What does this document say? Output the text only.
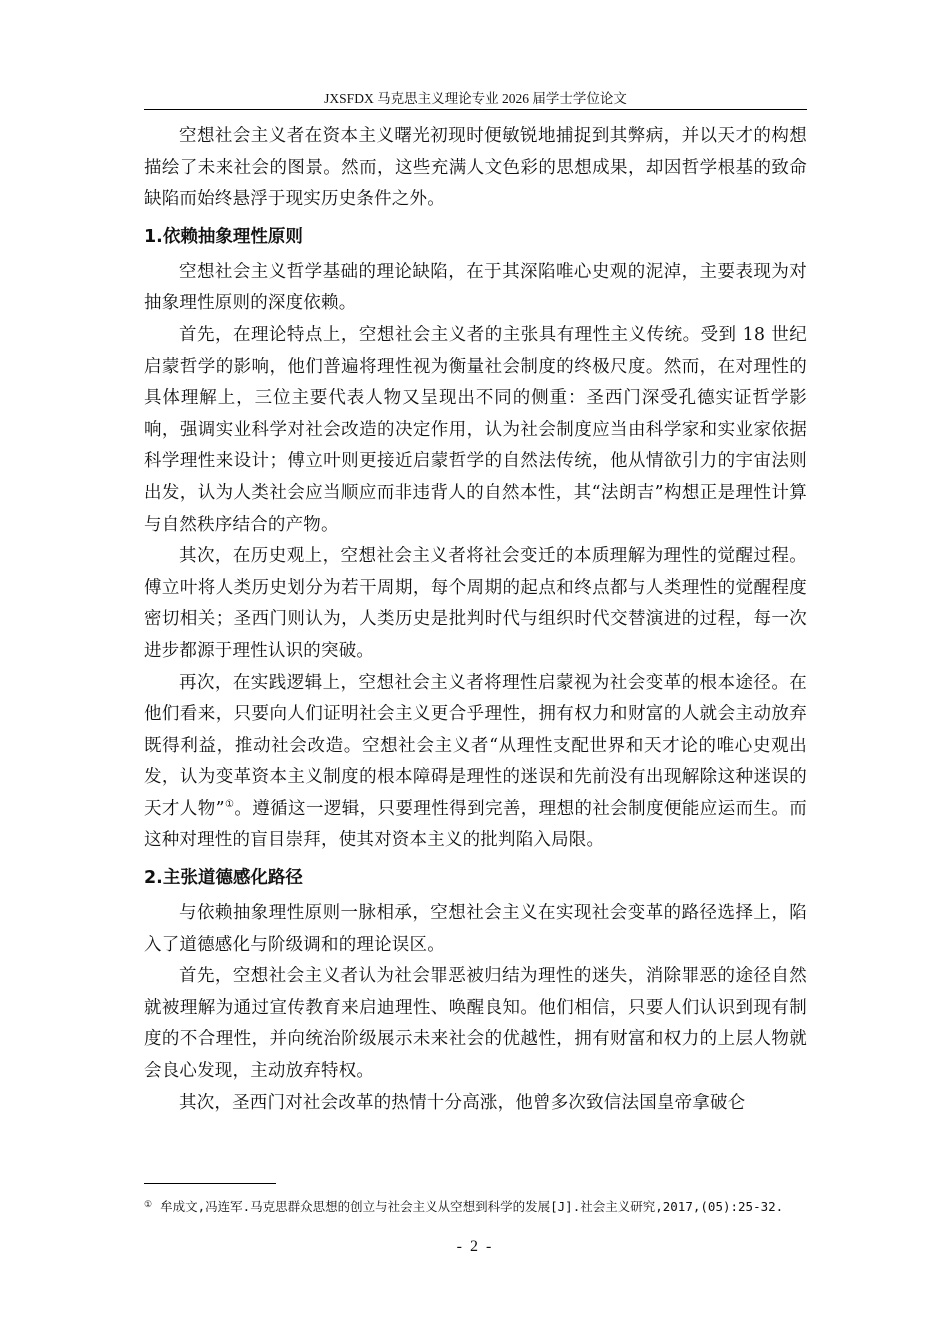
JXSFDX 马克思主义理论专业 2026 届学士学位论文

空想社会主义者在资本主义曙光初现时便敏锐地捕捉到其弊病，并以天才的构想描绘了未来社会的图景。然而，这些充满人文色彩的思想成果，却因哲学根基的致命缺陷而始终悬浮于现实历史条件之外。

1.依赖抽象理性原则

空想社会主义哲学基础的理论缺陷，在于其深陷唯心史观的泥淖，主要表现为对抽象理性原则的深度依赖。

首先，在理论特点上，空想社会主义者的主张具有理性主义传统。受到 18 世纪启蒙哲学的影响，他们普遍将理性视为衡量社会制度的终极尺度。然而，在对理性的具体理解上，三位主要代表人物又呈现出不同的侧重：圣西门深受孔德实证哲学影响，强调实业科学对社会改造的决定作用，认为社会制度应当由科学家和实业家依据科学理性来设计；傅立叶则更接近启蒙哲学的自然法传统，他从情欲引力的宇宙法则出发，认为人类社会应当顺应而非违背人的自然本性，其“法朗吉”构想正是理性计算与自然秩序结合的产物。

其次，在历史观上，空想社会主义者将社会变迁的本质理解为理性的觉醒过程。傅立叶将人类历史划分为若干周期，每个周期的起点和终点都与人类理性的觉醒程度密切相关；圣西门则认为，人类历史是批判时代与组织时代交替演进的过程，每一次进步都源于理性认识的突破。

再次，在实践逻辑上，空想社会主义者将理性启蒙视为社会变革的根本途径。在他们看来，只要向人们证明社会主义更合乎理性，拥有权力和财富的人就会主动放弃既得利益，推动社会改造。空想社会主义者“从理性支配世界和天才论的唯心史观出发，认为变革资本主义制度的根本障碍是理性的迷误和先前没有出现解除这种迷误的天才人物”①。遵循这一逻辑，只要理性得到完善，理想的社会制度便能应运而生。而这种对理性的盲目崇拜，使其对资本主义的批判陷入局限。

2.主张道德感化路径

与依赖抽象理性原则一脉相承，空想社会主义在实现社会变革的路径选择上，陷入了道德感化与阶级调和的理论误区。

首先，空想社会主义者认为社会罪恶被归结为理性的迷失，消除罪恶的途径自然就被理解为通过宣传教育来启迪理性、唤醒良知。他们相信，只要人们认识到现有制度的不合理性，并向统治阶级展示未来社会的优越性，拥有财富和权力的上层人物就会良心发现，主动放弃特权。

其次，圣西门对社会改革的热情十分高涨，他曾多次致信法国皇帝拿破仑

① 牟成文,冯连军.马克思群众思想的创立与社会主义从空想到科学的发展[J].社会主义研究,2017,(05):25-32.
- 2 -
